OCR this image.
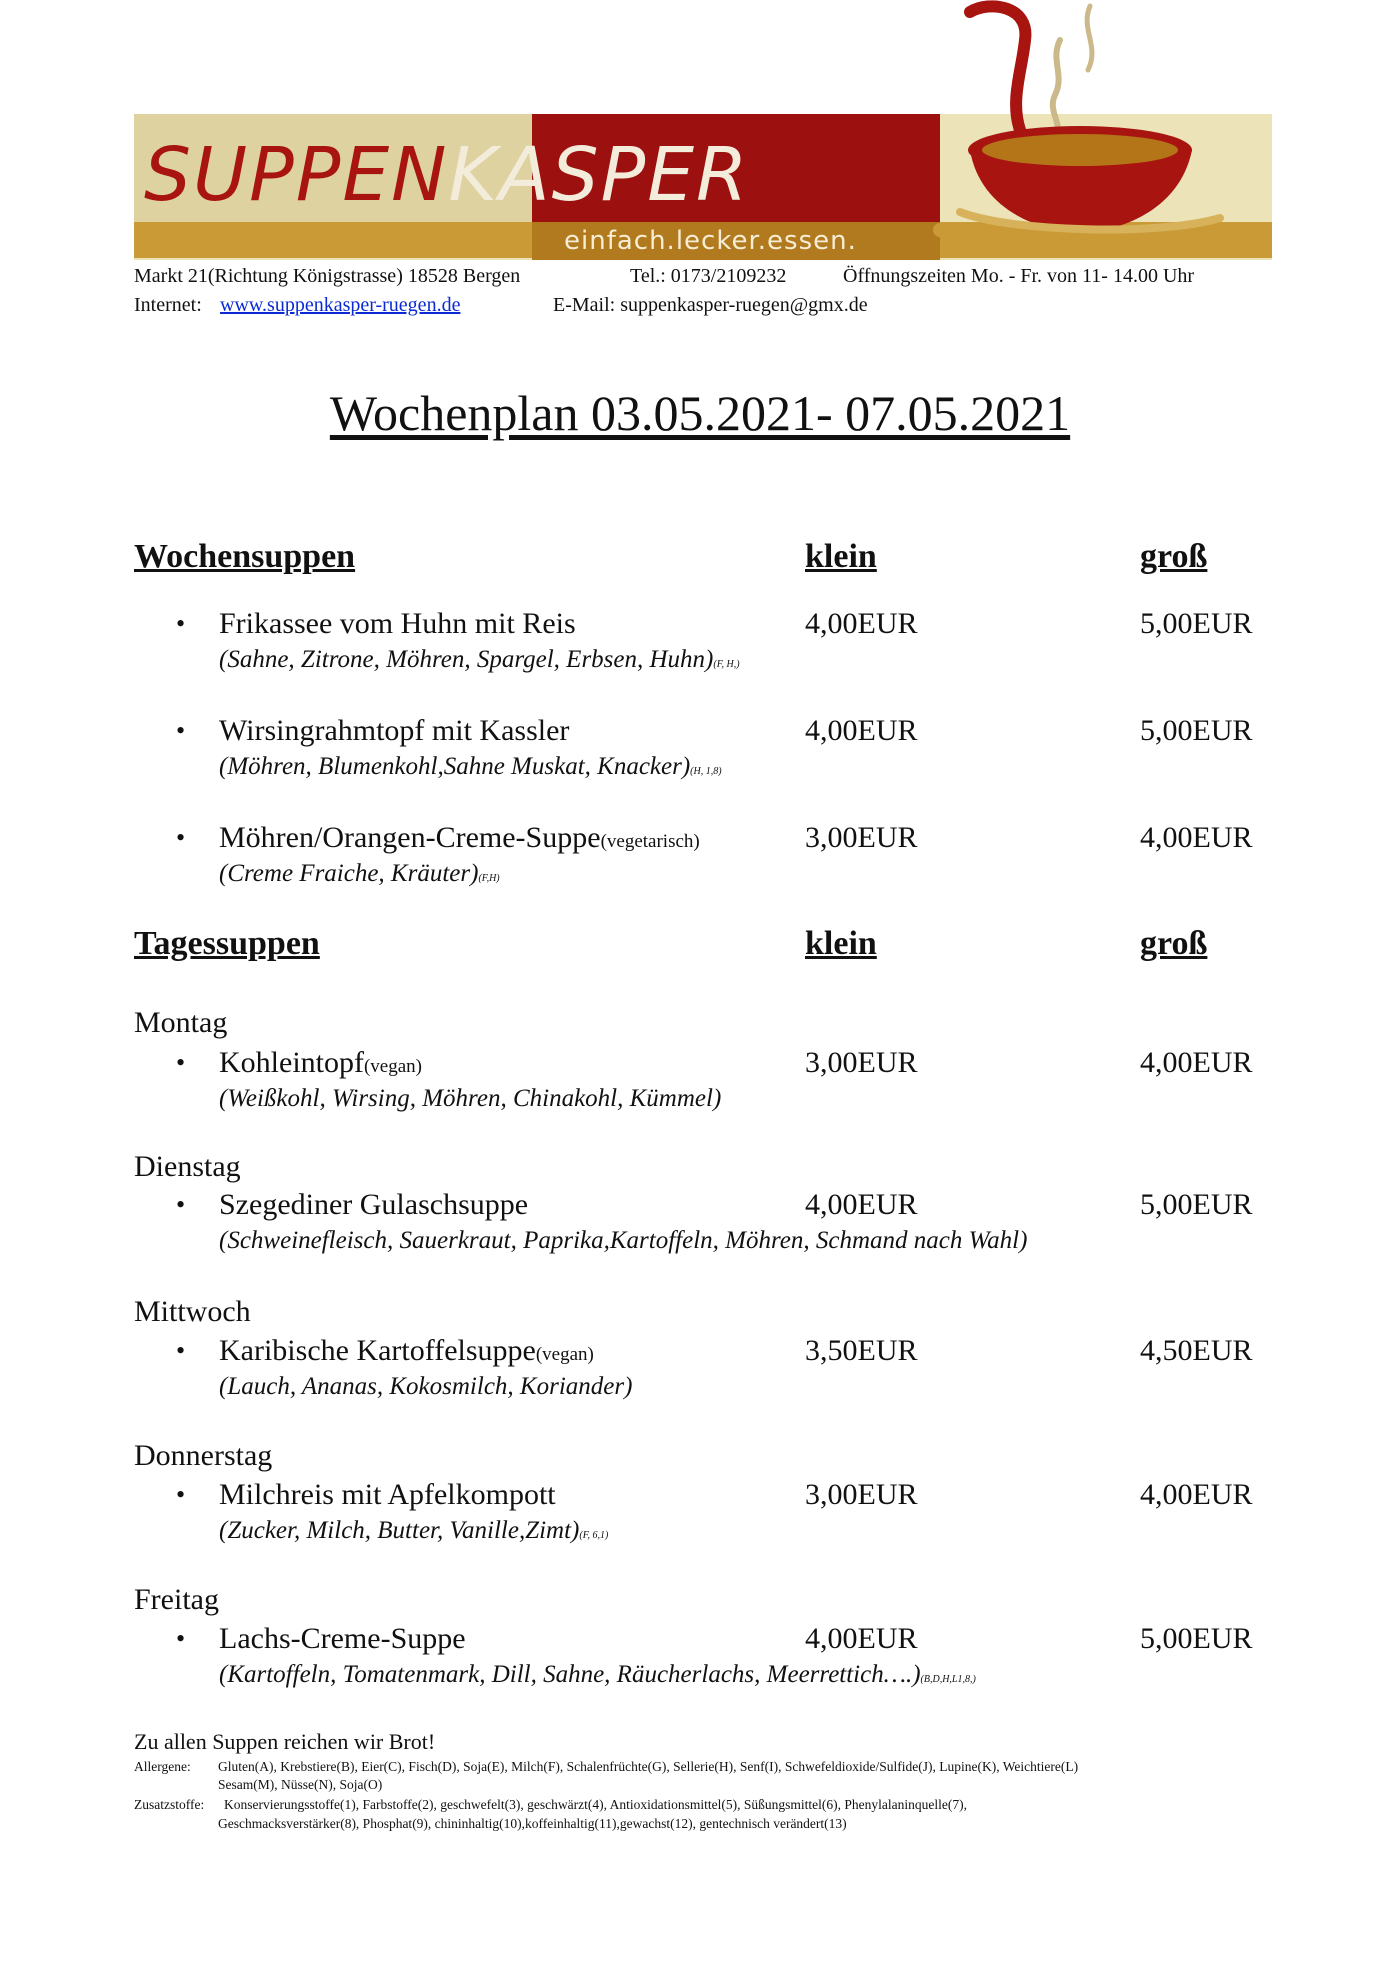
SUPPENKASPER
einfach.lecker.essen.
Markt 21(Richtung Königstrasse) 18528 Bergen	Tel.: 0173/2109232	Öffnungszeiten Mo. - Fr. von 11- 14.00 Uhr
Internet: www.suppenkasper-ruegen.de	E-Mail: suppenkasper-ruegen@gmx.de
Wochenplan 03.05.2021- 07.05.2021
Wochensuppen	klein	groß
• Frikassee vom Huhn mit Reis	4,00EUR	5,00EUR
(Sahne, Zitrone, Möhren, Spargel, Erbsen, Huhn)(F, H,)
• Wirsingrahmtopf mit Kassler	4,00EUR	5,00EUR
(Möhren, Blumenkohl,Sahne Muskat, Knacker)(H, 1,8)
• Möhren/Orangen-Creme-Suppe(vegetarisch)	3,00EUR	4,00EUR
(Creme Fraiche, Kräuter)(F,H)
Tagessuppen	klein	groß
Montag
• Kohleintopf(vegan)	3,00EUR	4,00EUR
(Weißkohl, Wirsing, Möhren, Chinakohl, Kümmel)
Dienstag
• Szegediner Gulaschsuppe	4,00EUR	5,00EUR
(Schweinefleisch, Sauerkraut, Paprika,Kartoffeln, Möhren, Schmand nach Wahl)
Mittwoch
• Karibische Kartoffelsuppe(vegan)	3,50EUR	4,50EUR
(Lauch, Ananas, Kokosmilch, Koriander)
Donnerstag
• Milchreis mit Apfelkompott	3,00EUR	4,00EUR
(Zucker, Milch, Butter, Vanille,Zimt)(F, 6,1)
Freitag
• Lachs-Creme-Suppe	4,00EUR	5,00EUR
(Kartoffeln, Tomatenmark, Dill, Sahne, Räucherlachs, Meerrettich….)(B,D,H,L1,8,)
Zu allen Suppen reichen wir Brot!
Allergene: Gluten(A), Krebstiere(B), Eier(C), Fisch(D), Soja(E), Milch(F), Schalenfrüchte(G), Sellerie(H), Senf(I), Schwefeldioxide/Sulfide(J), Lupine(K), Weichtiere(L)
Sesam(M), Nüsse(N), Soja(O)
Zusatzstoffe: Konservierungsstoffe(1), Farbstoffe(2), geschwefelt(3), geschwärzt(4), Antioxidationsmittel(5), Süßungsmittel(6), Phenylalaninquelle(7),
Geschmacksverstärker(8), Phosphat(9), chininhaltig(10),koffeinhaltig(11),gewachst(12), gentechnisch verändert(13)
